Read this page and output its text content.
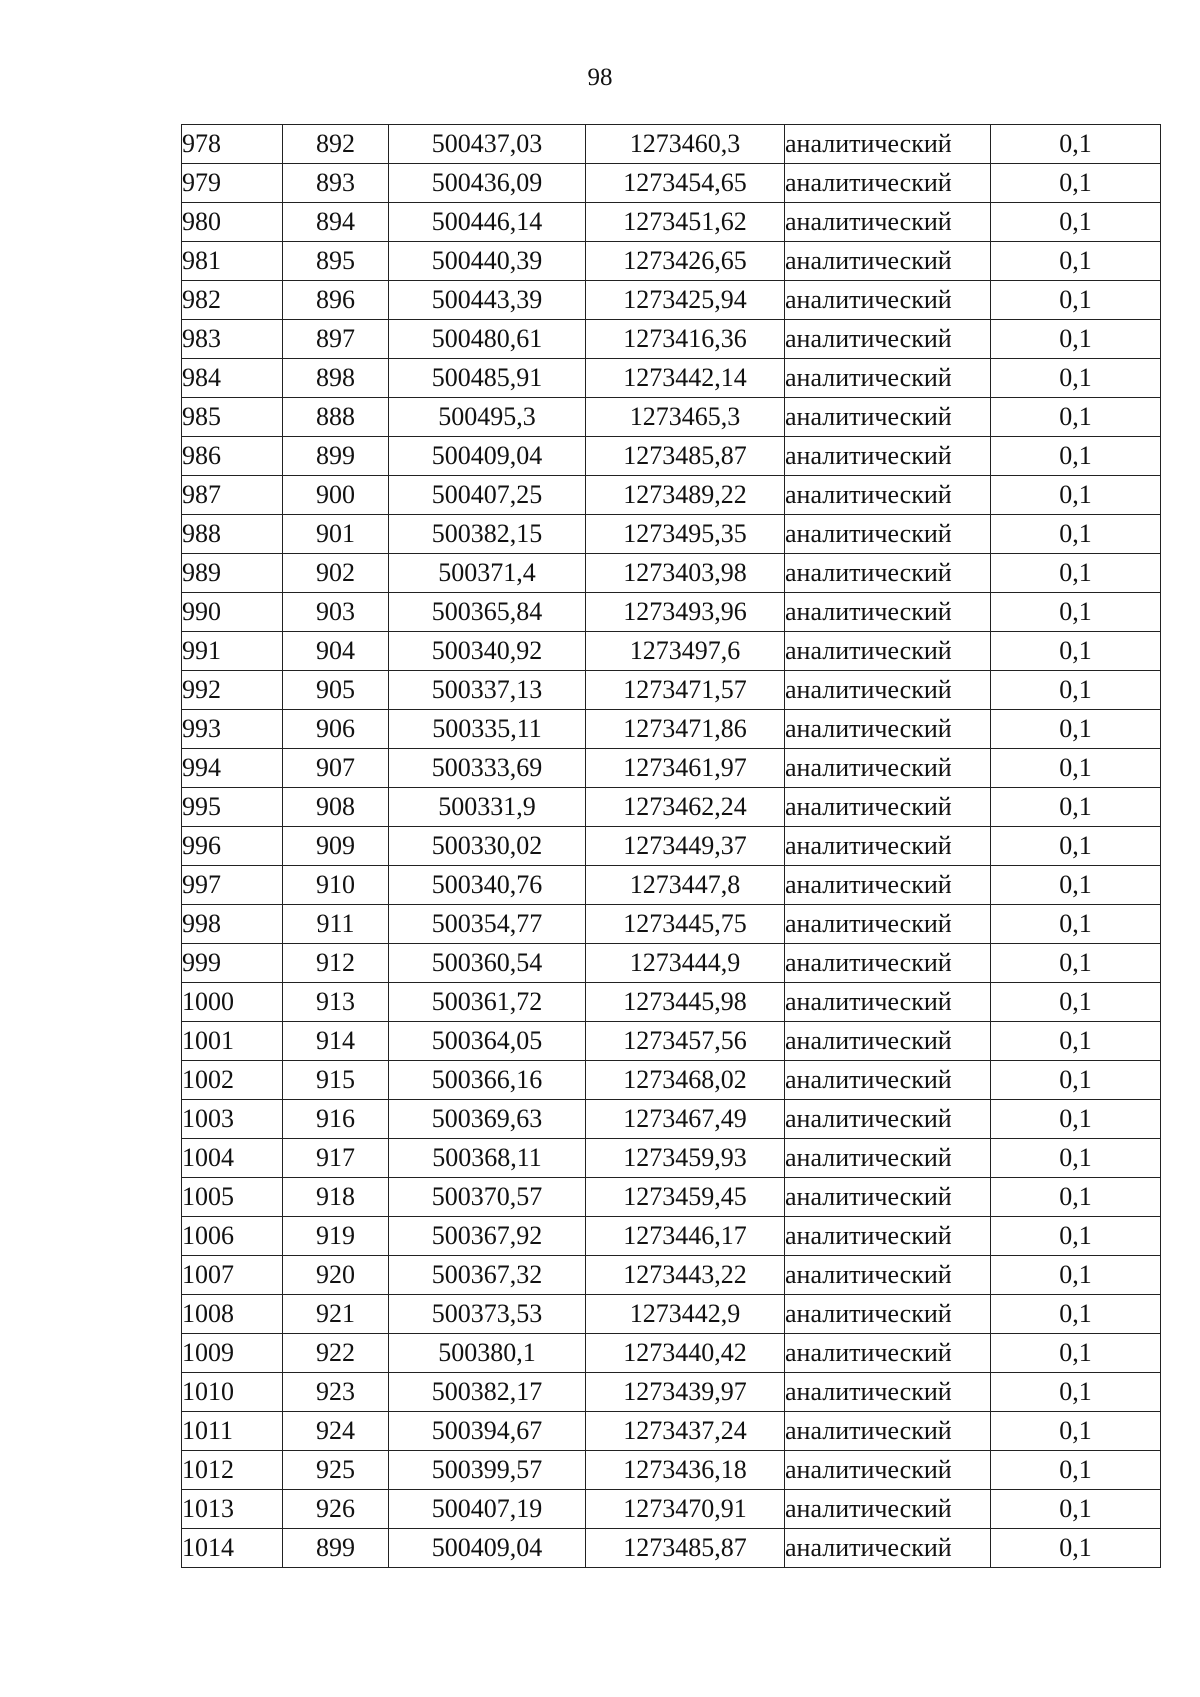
98
978	892	500437,03	1273460,3	аналитический	0,1
979	893	500436,09	1273454,65	аналитический	0,1
980	894	500446,14	1273451,62	аналитический	0,1
981	895	500440,39	1273426,65	аналитический	0,1
982	896	500443,39	1273425,94	аналитический	0,1
983	897	500480,61	1273416,36	аналитический	0,1
984	898	500485,91	1273442,14	аналитический	0,1
985	888	500495,3	1273465,3	аналитический	0,1
986	899	500409,04	1273485,87	аналитический	0,1
987	900	500407,25	1273489,22	аналитический	0,1
988	901	500382,15	1273495,35	аналитический	0,1
989	902	500371,4	1273403,98	аналитический	0,1
990	903	500365,84	1273493,96	аналитический	0,1
991	904	500340,92	1273497,6	аналитический	0,1
992	905	500337,13	1273471,57	аналитический	0,1
993	906	500335,11	1273471,86	аналитический	0,1
994	907	500333,69	1273461,97	аналитический	0,1
995	908	500331,9	1273462,24	аналитический	0,1
996	909	500330,02	1273449,37	аналитический	0,1
997	910	500340,76	1273447,8	аналитический	0,1
998	911	500354,77	1273445,75	аналитический	0,1
999	912	500360,54	1273444,9	аналитический	0,1
1000	913	500361,72	1273445,98	аналитический	0,1
1001	914	500364,05	1273457,56	аналитический	0,1
1002	915	500366,16	1273468,02	аналитический	0,1
1003	916	500369,63	1273467,49	аналитический	0,1
1004	917	500368,11	1273459,93	аналитический	0,1
1005	918	500370,57	1273459,45	аналитический	0,1
1006	919	500367,92	1273446,17	аналитический	0,1
1007	920	500367,32	1273443,22	аналитический	0,1
1008	921	500373,53	1273442,9	аналитический	0,1
1009	922	500380,1	1273440,42	аналитический	0,1
1010	923	500382,17	1273439,97	аналитический	0,1
1011	924	500394,67	1273437,24	аналитический	0,1
1012	925	500399,57	1273436,18	аналитический	0,1
1013	926	500407,19	1273470,91	аналитический	0,1
1014	899	500409,04	1273485,87	аналитический	0,1
